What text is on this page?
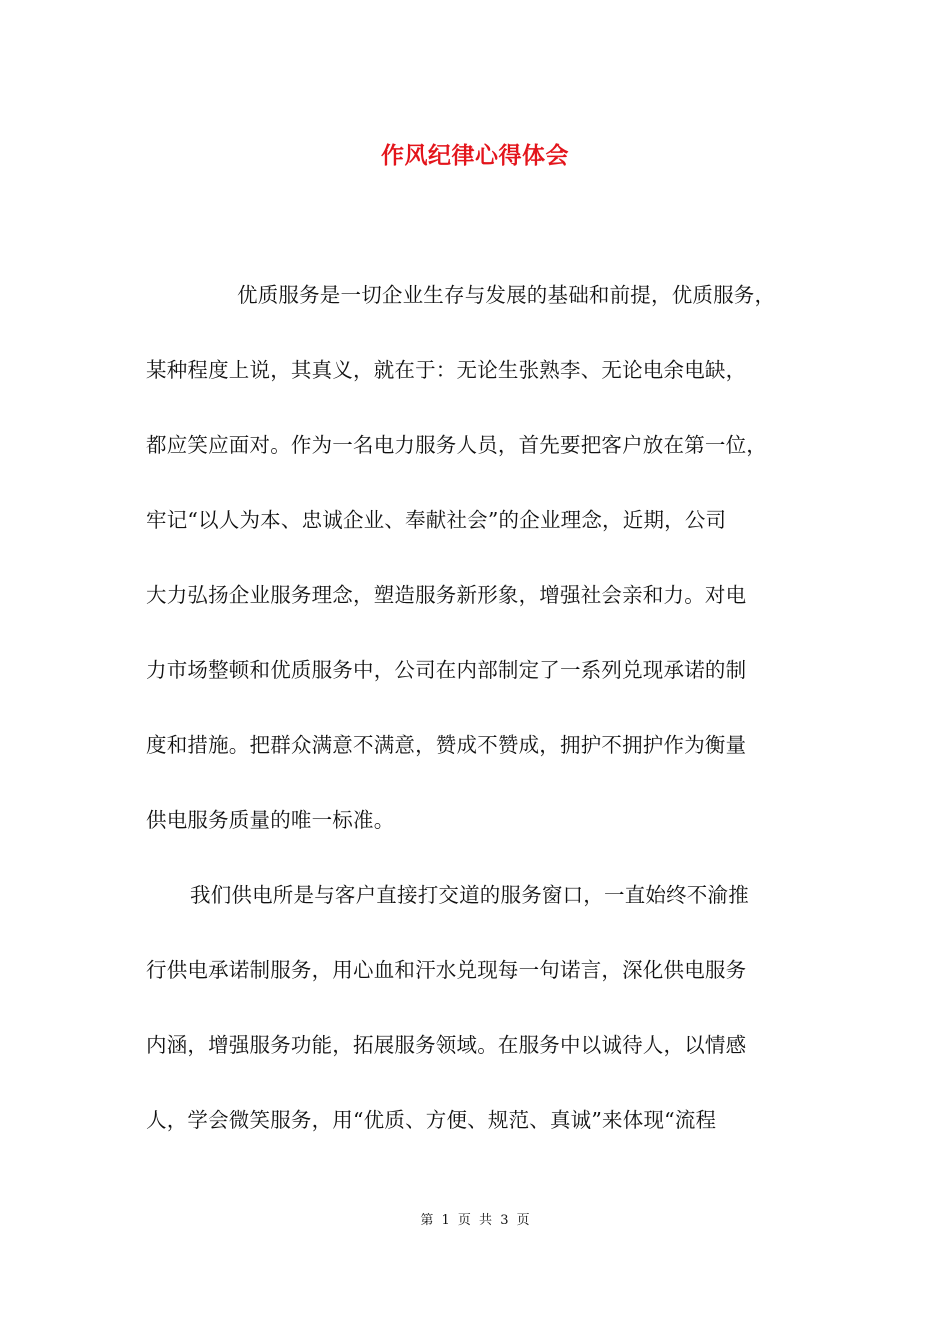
作风纪律心得体会
优质服务是一切企业生存与发展的基础和前提，优质服务，
某种程度上说，其真义，就在于：无论生张熟李、无论电余电缺，
都应笑应面对。作为一名电力服务人员，首先要把客户放在第一位，
牢记“以人为本、忠诚企业、奉献社会”的企业理念，近期，公司
大力弘扬企业服务理念，塑造服务新形象，增强社会亲和力。对电
力市场整顿和优质服务中，公司在内部制定了一系列兑现承诺的制
度和措施。把群众满意不满意，赞成不赞成，拥护不拥护作为衡量
供电服务质量的唯一标准。
我们供电所是与客户直接打交道的服务窗口，一直始终不渝推
行供电承诺制服务，用心血和汗水兑现每一句诺言，深化供电服务
内涵，增强服务功能，拓展服务领域。在服务中以诚待人，以情感
人，学会微笑服务，用“优质、方便、规范、真诚”来体现“流程
第 1 页 共 3 页
